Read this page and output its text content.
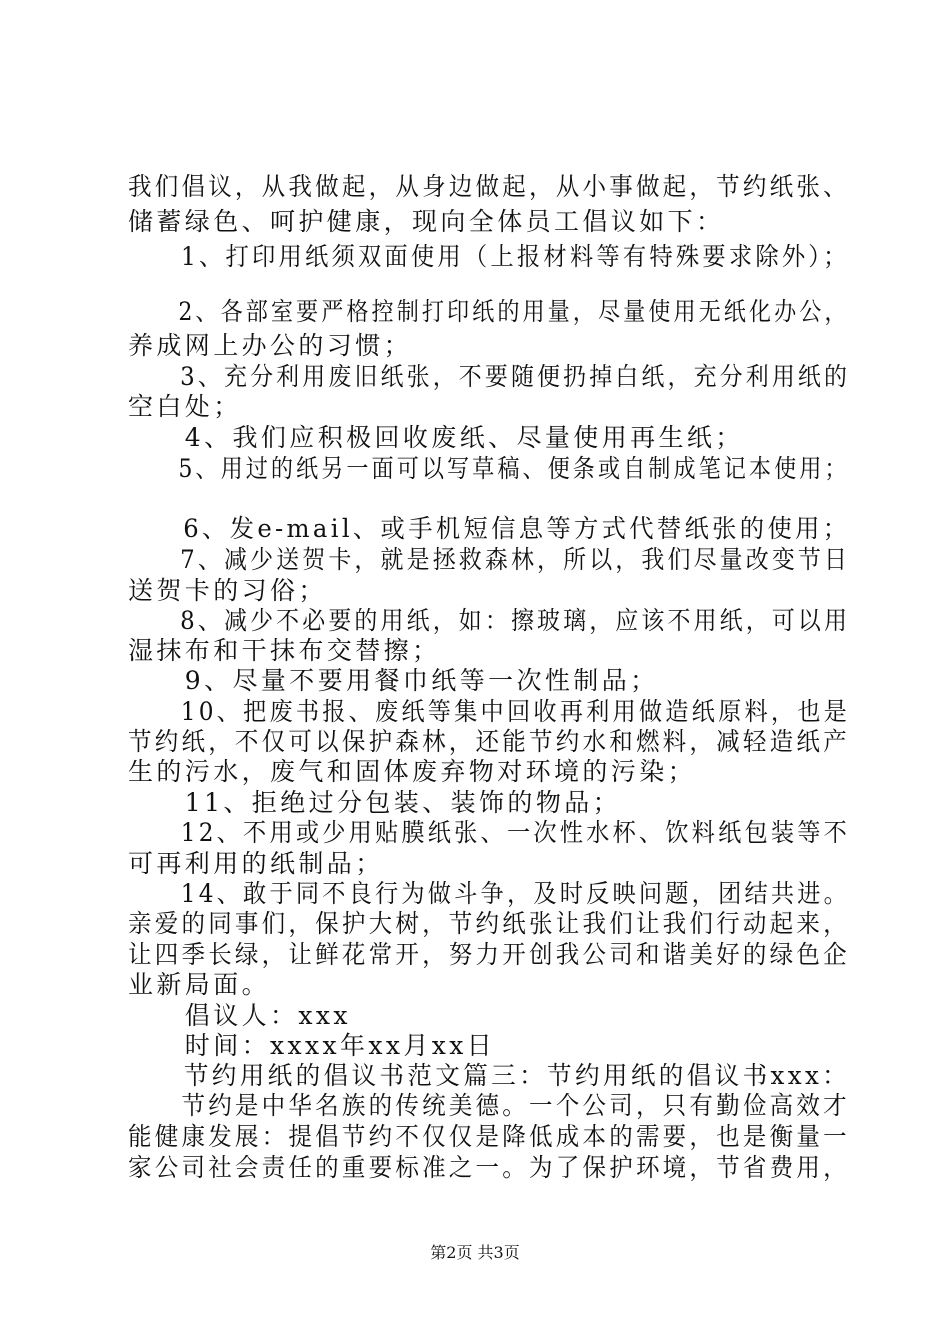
我们倡议，从我做起，从身边做起，从小事做起，节约纸张、
储蓄绿色、呵护健康，现向全体员工倡议如下：
　　1、打印用纸须双面使用（上报材料等有特殊要求除外）；
　　2、各部室要严格控制打印纸的用量，尽量使用无纸化办公，
养成网上办公的习惯；
　　3、充分利用废旧纸张，不要随便扔掉白纸，充分利用纸的
空白处；
　　4、我们应积极回收废纸、尽量使用再生纸；
　　5、用过的纸另一面可以写草稿、便条或自制成笔记本使用；
　　6、发e-mail、或手机短信息等方式代替纸张的使用；
　　7、减少送贺卡，就是拯救森林，所以，我们尽量改变节日
送贺卡的习俗；
　　8、减少不必要的用纸，如：擦玻璃，应该不用纸，可以用
湿抹布和干抹布交替擦；
　　9、尽量不要用餐巾纸等一次性制品；
　　10、把废书报、废纸等集中回收再利用做造纸原料，也是
节约纸，不仅可以保护森林，还能节约水和燃料，减轻造纸产
生的污水，废气和固体废弃物对环境的污染；
　　11、拒绝过分包装、装饰的物品；
　　12、不用或少用贴膜纸张、一次性水杯、饮料纸包装等不
可再利用的纸制品；
　　14、敢于同不良行为做斗争，及时反映问题，团结共进。
亲爱的同事们，保护大树，节约纸张让我们让我们行动起来，
让四季长绿，让鲜花常开，努力开创我公司和谐美好的绿色企
业新局面。
　　倡议人：xxx
　　时间：xxxx年xx月xx日
　　节约用纸的倡议书范文篇三：节约用纸的倡议书xxx：
　　节约是中华名族的传统美德。一个公司，只有勤俭高效才
能健康发展：提倡节约不仅仅是降低成本的需要，也是衡量一
家公司社会责任的重要标准之一。为了保护环境，节省费用，
第2页 共3页
